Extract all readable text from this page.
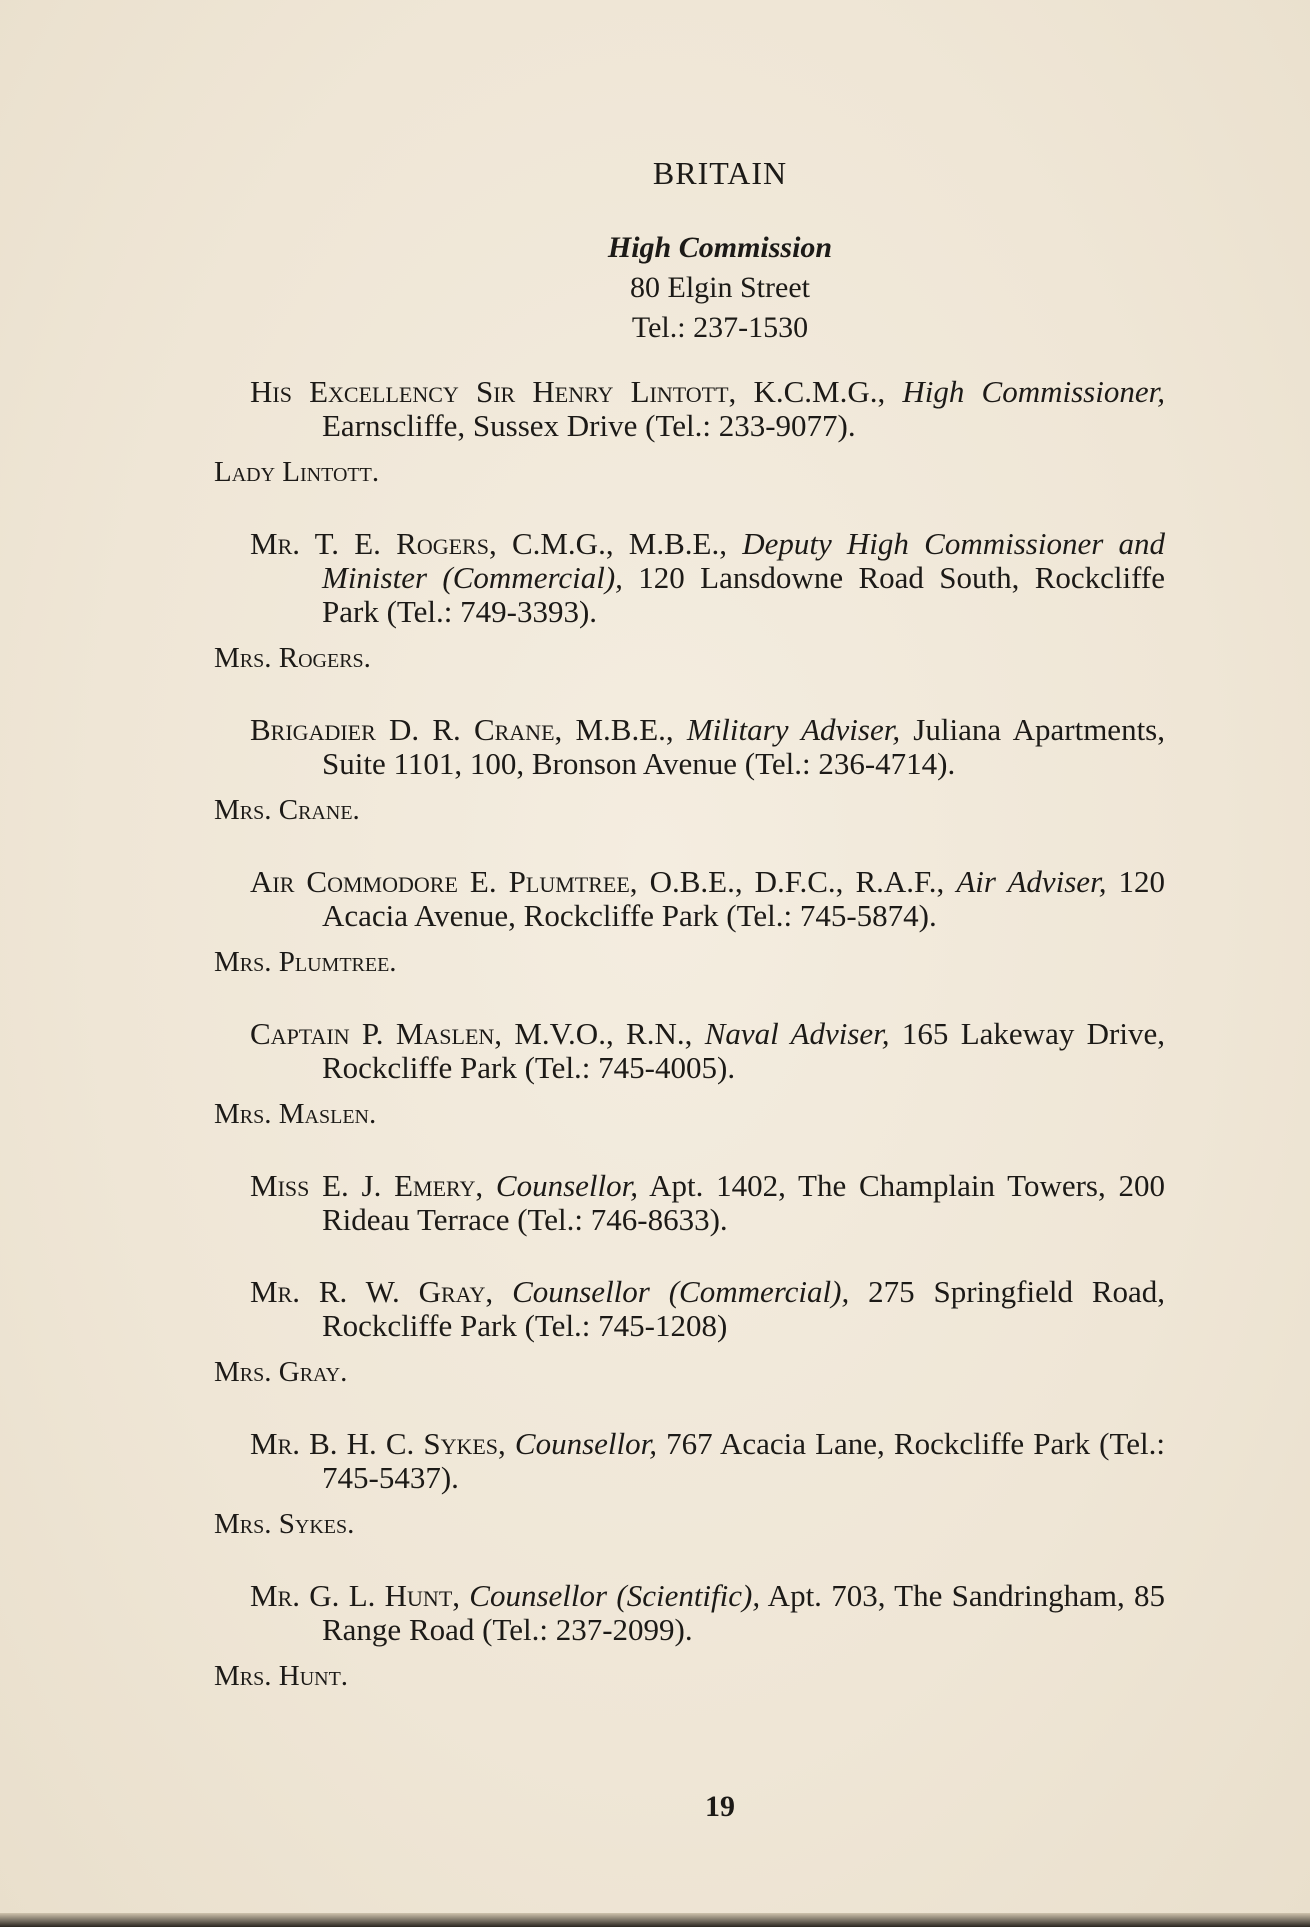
BRITAIN
High Commission
80 Elgin Street
Tel.: 237-1530

His Excellency Sir Henry Lintott, K.C.M.G., High Commissioner, Earnscliffe, Sussex Drive (Tel.: 233-9077).

Lady Lintott.

Mr. T. E. Rogers, C.M.G., M.B.E., Deputy High Commissioner and Minister (Commercial), 120 Lansdowne Road South, Rockcliffe Park (Tel.: 749-3393).

Mrs. Rogers.

Brigadier D. R. Crane, M.B.E., Military Adviser, Juliana Apartments, Suite 1101, 100, Bronson Avenue (Tel.: 236-4714).

Mrs. Crane.

Air Commodore E. Plumtree, O.B.E., D.F.C., R.A.F., Air Adviser, 120 Acacia Avenue, Rockcliffe Park (Tel.: 745-5874).

Mrs. Plumtree.

Captain P. Maslen, M.V.O., R.N., Naval Adviser, 165 Lakeway Drive, Rockcliffe Park (Tel.: 745-4005).

Mrs. Maslen.

Miss E. J. Emery, Counsellor, Apt. 1402, The Champlain Towers, 200 Rideau Terrace (Tel.: 746-8633).

Mr. R. W. Gray, Counsellor (Commercial), 275 Springfield Road, Rockcliffe Park (Tel.: 745-1208)

Mrs. Gray.

Mr. B. H. C. Sykes, Counsellor, 767 Acacia Lane, Rockcliffe Park (Tel.: 745-5437).

Mrs. Sykes.

Mr. G. L. Hunt, Counsellor (Scientific), Apt. 703, The Sandringham, 85 Range Road (Tel.: 237-2099).

Mrs. Hunt.

19
